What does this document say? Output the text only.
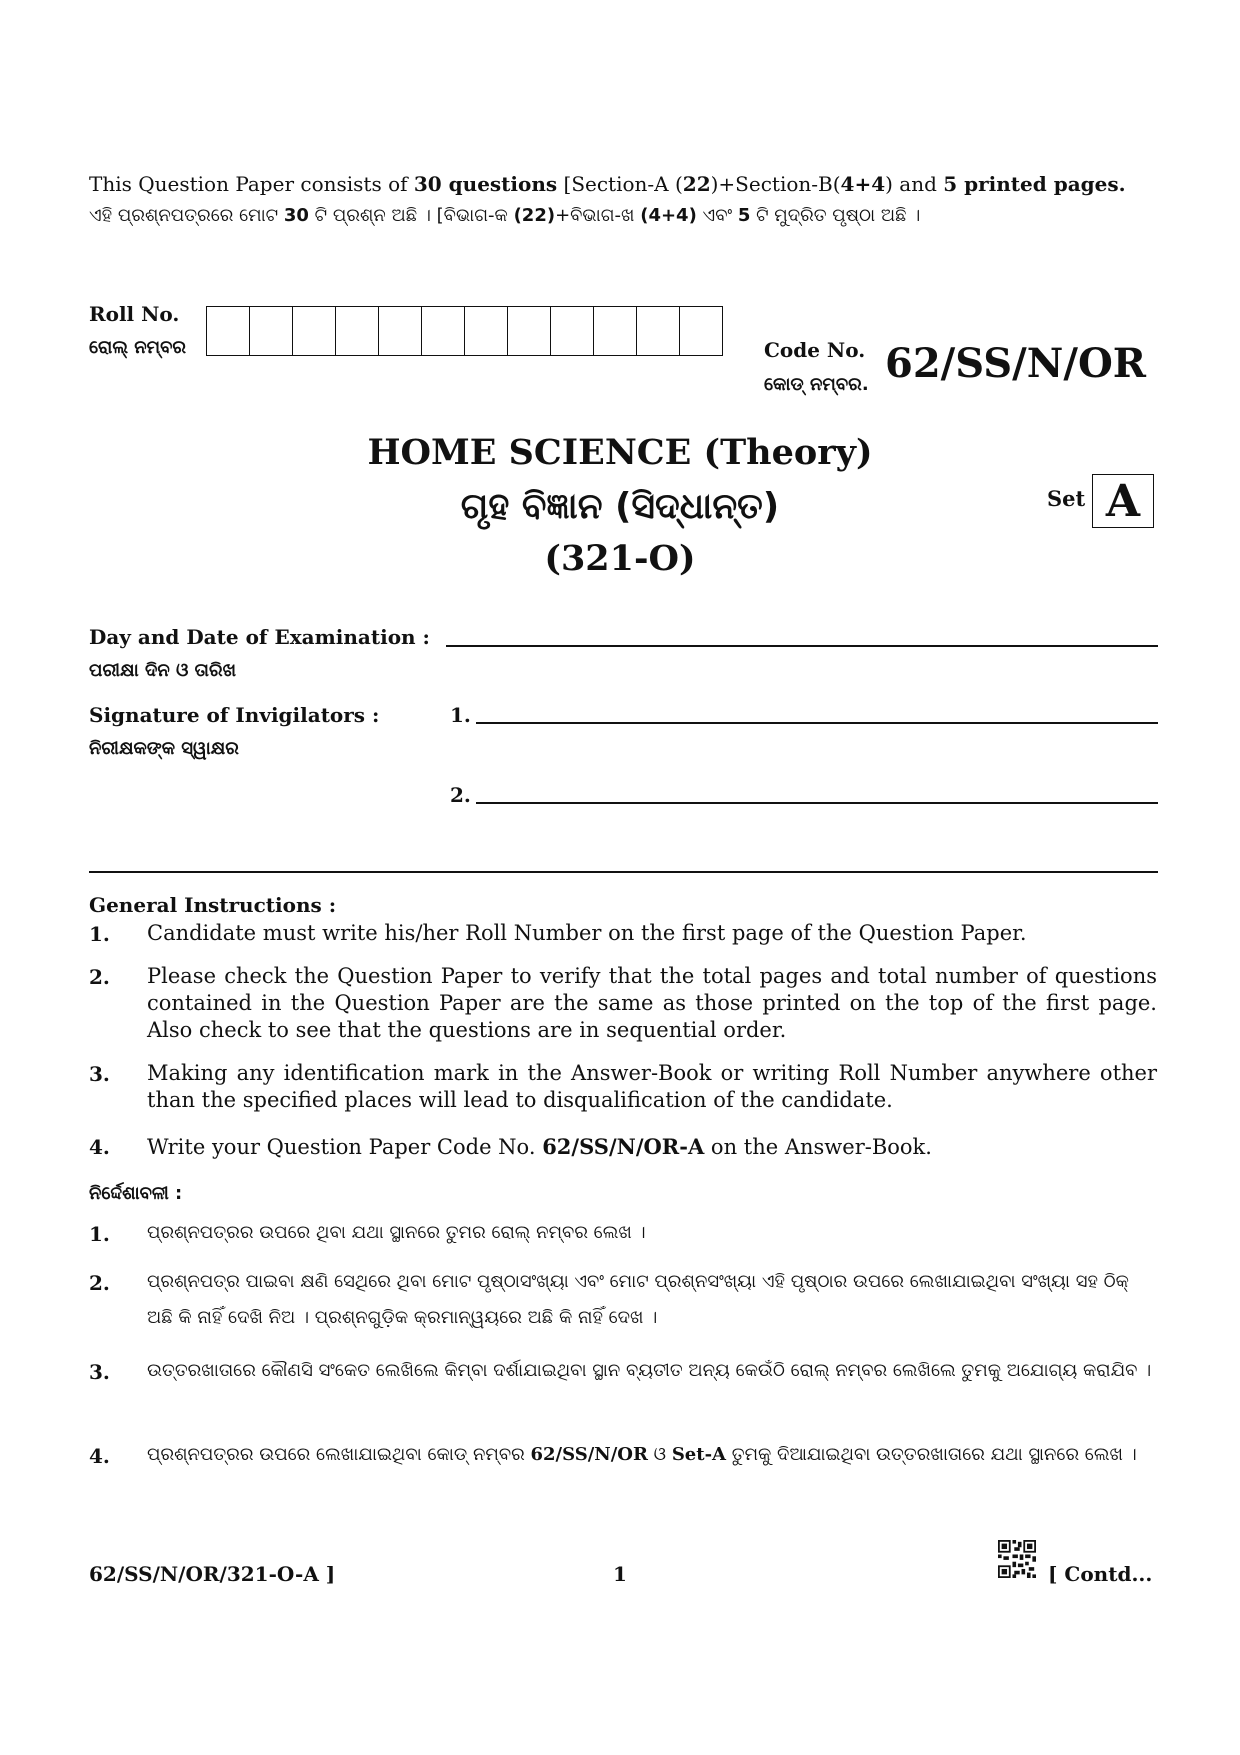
This Question Paper consists of 30 questions [Section-A (22)+Section-B(4+4) and 5 printed pages.
ଏହି ପ୍ରଶ୍ନପତ୍ରରେ ମୋଟ 30 ଟି ପ୍ରଶ୍ନ ଅଛି । [ବିଭାଗ-କ (22)+ବିଭାଗ-ଖ (4+4) ଏବଂ 5 ଟି ମୁଦ୍ରିତ ପୃଷ୍ଠା ଅଛି ।
Roll No.
ରୋଲ୍ ନମ୍ବର	Code No.
କୋଡ୍ ନମ୍ବର. 62/SS/N/OR
HOME SCIENCE (Theory)
ଗୃହ ବିଜ୍ଞାନ (ସିଦ୍ଧାନ୍ତ)
(321-O)
Set A
Day and Date of Examination :
ପରୀକ୍ଷା ଦିନ ଓ ତାରିଖ
Signature of Invigilators :
ନିରୀକ୍ଷକଙ୍କ ସ୍ୱାକ୍ଷର
1.
2.
General Instructions :
1. Candidate must write his/her Roll Number on the first page of the Question Paper.
2. Please check the Question Paper to verify that the total pages and total number of questions contained in the Question Paper are the same as those printed on the top of the first page. Also check to see that the questions are in sequential order.
3. Making any identification mark in the Answer-Book or writing Roll Number anywhere other than the specified places will lead to disqualification of the candidate.
4. Write your Question Paper Code No. 62/SS/N/OR-A on the Answer-Book.
ନିର୍ଦ୍ଦେଶାବଳୀ :
1. ପ୍ରଶ୍ନପତ୍ରର ଉପରେ ଥିବା ଯଥା ସ୍ଥାନରେ ତୁମର ରୋଲ୍ ନମ୍ବର ଲେଖ ।
2. ପ୍ରଶ୍ନପତ୍ର ପାଇବା କ୍ଷଣି ସେଥିରେ ଥିବା ମୋଟ ପୃଷ୍ଠାସଂଖ୍ୟା ଏବଂ ମୋଟ ପ୍ରଶ୍ନସଂଖ୍ୟା ଏହି ପୃଷ୍ଠାର ଉପରେ ଲେଖାଯାଇଥିବା ସଂଖ୍ୟା ସହ ଠିକ୍ ଅଛି କି ନାହିଁ ଦେଖି ନିଅ । ପ୍ରଶ୍ନଗୁଡ଼ିକ କ୍ରମାନ୍ୱୟରେ ଅଛି କି ନାହିଁ ଦେଖ ।
3. ଉତ୍ତରଖାତାରେ କୌଣସି ସଂକେତ ଲେଖିଲେ କିମ୍ବା ଦର୍ଶାଯାଇଥିବା ସ୍ଥାନ ବ୍ୟତୀତ ଅନ୍ୟ କେଉଁଠି ରୋଲ୍ ନମ୍ବର ଲେଖିଲେ ତୁମକୁ ଅଯୋଗ୍ୟ କରାଯିବ ।
4. ପ୍ରଶ୍ନପତ୍ରର ଉପରେ ଲେଖାଯାଇଥିବା କୋଡ୍ ନମ୍ବର 62/SS/N/OR ଓ Set-A ତୁମକୁ ଦିଆଯାଇଥିବା ଉତ୍ତରଖାତାରେ ଯଥା ସ୍ଥାନରେ ଲେଖ ।
62/SS/N/OR/321-O-A ]	1	[ Contd...
